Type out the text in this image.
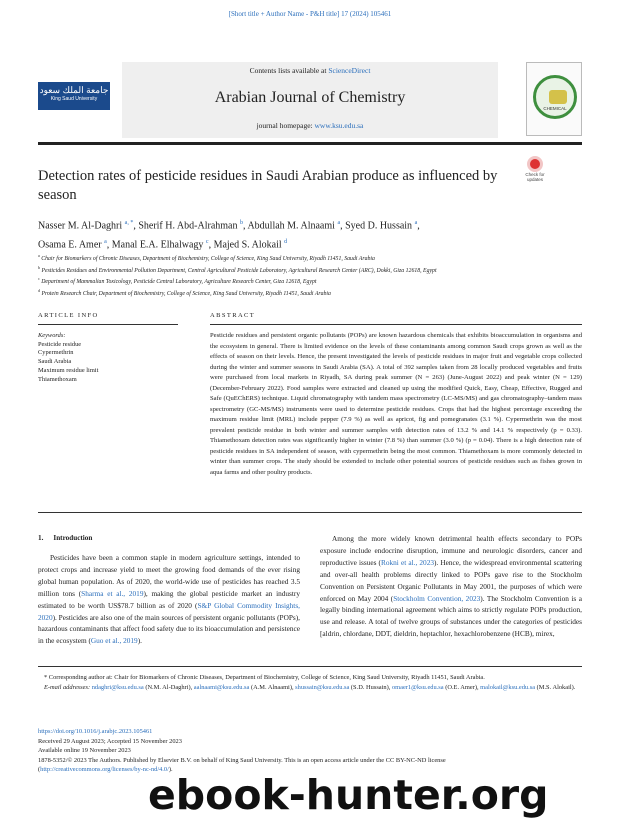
[Short title + Author Name - P&H title] 17 (2024) 105461
جامعة الملك سعود
King Saud University
Contents lists available at ScienceDirect
Arabian Journal of Chemistry
journal homepage: www.ksu.edu.sa
CHEMICAL
Check for
updates
Detection rates of pesticide residues in Saudi Arabian produce as influenced by season
Nasser M. Al-Daghri $^{a, *}$, Sherif H. Abd-Alrahman $^b$, Abdullah M. Alnaami $^a$, Syed D. Hussain $^a$,
Osama E. Amer $^a$, Manal E.A. Elhalwagy $^c$, Majed S. Alokail $^d$
$^a$ Chair for Biomarkers of Chronic Diseases, Department of Biochemistry, College of Science, King Saud University, Riyadh 11451, Saudi Arabia
$^b$ Pesticides Residues and Environmental Pollution Department, Central Agricultural Pesticide Laboratory, Agricultural Research Center (ARC), Dokki, Giza 12618, Egypt
$^c$ Department of Mammalian Toxicology, Pesticide Central Laboratory, Agriculture Research Center, Giza 12618, Egypt
$^d$ Protein Research Chair, Department of Biochemistry, College of Science, King Saud University, Riyadh 11451, Saudi Arabia
ARTICLE INFO	ABSTRACT
Keywords:
Pesticide residue
Cypermethrin
Saudi Arabia
Maximum residue limit
Thiamethoxam
Pesticide residues and persistent organic pollutants (POPs) are known hazardous chemicals that exhibits bioaccumulation in organisms and the ecosystem in general. There is limited evidence on the levels of these contaminants among common Saudi crops grown as well as the effects of season on their levels. Hence, the present investigated the levels of pesticide residues in major fruit and vegetable crops collected during the winter and summer seasons in Saudi Arabia (SA). A total of 392 samples taken from 28 locally produced vegetables and fruits were purchased from local markets in Riyadh, SA during peak summer (N = 263) (June-August 2022) and peak winter (N = 129) (December-February 2022). Food samples were extracted and cleaned up using the modified Quick, Easy, Cheap, Effective, Rugged and Safe (QuEChERS) technique. Liquid chromatography with tandem mass spectrometry (LC-MS/MS) and gas chromatography–tandem mass spectrometry (GC-MS/MS) instruments were used to determine pesticide residues. Crops that had the highest percentage exceeding the maximum residue limit (MRL) include pepper (7.9 %) as well as apricot, fig and pomegranates (3.1 %). Cypermethrin was the most prevalent pesticide residue in both winter and summer samples with detection rates of 13.2 % and 14.1 % respectively (p = 0.33). Thiamethoxam detection rates was significantly higher in winter (7.8 %) than summer (3.0 %) (p = 0.04). There is a high detection rate of pesticide residues in SA independent of season, with cypermethrin being the most common. Thiamethoxam is more commonly detected in winter than summer crops. The study should be extended to include other potential sources of pesticide residues such as fishes grown in aqua farms and other poultry products.
1. Introduction

Pesticides have been a common staple in modern agriculture settings, intended to protect crops and increase yield to meet the growing food demands of the ever rising global human population. As of 2020, the world-wide use of pesticides has reached 3.5 million tons (Sharma et al., 2019), making the global pesticide market an industry estimated to be worth US$78.7 billion as of 2020 (S&P Global Commodity Insights, 2020). Pesticides are also one of the main sources of persistent organic pollutants (POPs), hazardous contaminants that affect food safety due to its bioaccumulation and persistence in the ecosystem (Guo et al., 2019).

Among the more widely known detrimental health effects secondary to POPs exposure include endocrine disruption, immune and neurologic disorders, cancer and reproductive issues (Rokni et al., 2023). Hence, the widespread environmental scattering and over-all health problems directly linked to POPs gave rise to the Stockholm Convention on Persistent Organic Pollutants in May 2001, the purposes of which were enforced on May 2004 (Stockholm Convention, 2023). The Stockholm Convention is a legally binding international agreement which aims to strictly regulate POPs production, use and release. A total of twelve groups of substances under the categories of pesticides [aldrin, chlordane, DDT, dieldrin, heptachlor, hexachlorobenzene (HCB), mirex,

* Corresponding author at: Chair for Biomarkers of Chronic Diseases, Department of Biochemistry, College of Science, King Saud University, Riyadh 11451, Saudi Arabia.

E-mail addresses: ndaghri@ksu.edu.sa (N.M. Al-Daghri), aalnaami@ksu.edu.sa (A.M. Alnaami), shussain@ksu.edu.sa (S.D. Hussain), omaer1@ksu.edu.sa (O.E. Amer), malokail@ksu.edu.sa (M.S. Alokail).

https://doi.org/10.1016/j.arabjc.2023.105461
Received 29 August 2023; Accepted 15 November 2023
Available online 19 November 2023
1878-5352/© 2023 The Authors. Published by Elsevier B.V. on behalf of King Saud University. This is an open access article under the CC BY-NC-ND license
(http://creativecommons.org/licenses/by-nc-nd/4.0/).
ebook-hunter.org
